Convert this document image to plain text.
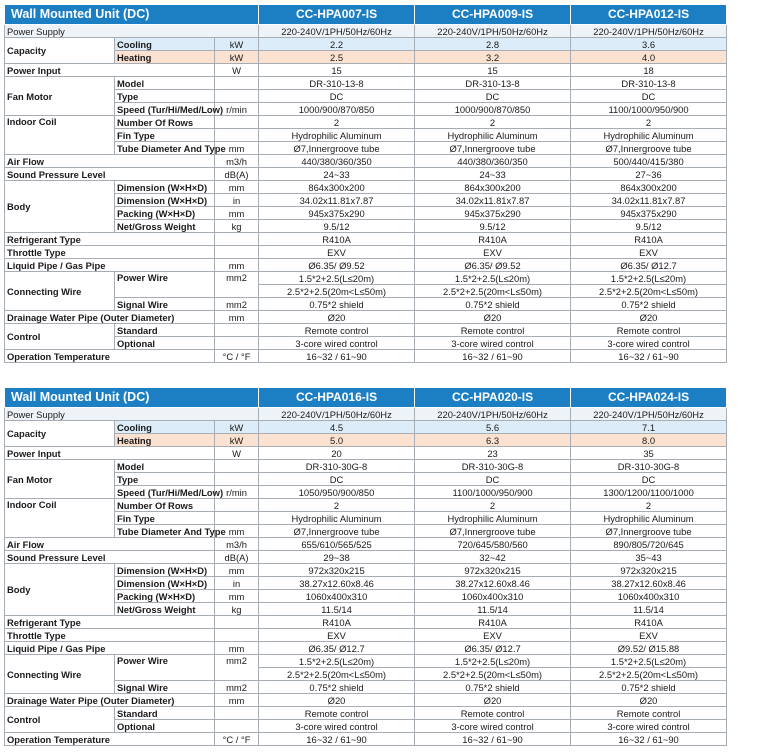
Wall Mounted Unit (DC)			CC-HPA007-IS	CC-HPA009-IS	CC-HPA012-IS
Power Supply			220-240V/1PH/50Hz/60Hz	220-240V/1PH/50Hz/60Hz	220-240V/1PH/50Hz/60Hz
Capacity	Cooling	kW	2.2	2.8	3.6
	Heating	kW	2.5	3.2	4.0
Power Input		W	15	15	18
Fan Motor	Model		DR-310-13-8	DR-310-13-8	DR-310-13-8
	Type		DC	DC	DC
	Speed (Tur/Hi/Med/Low)	r/min	1000/900/870/850	1000/900/870/850	1100/1000/950/900
Indoor Coil	Number Of Rows		2	2	2
	Fin Type		Hydrophilic Aluminum	Hydrophilic Aluminum	Hydrophilic Aluminum
	Tube Diameter And Type	mm	Ø7,Innergroove tube	Ø7,Innergroove tube	Ø7,Innergroove tube
Air Flow		m3/h	440/380/360/350	440/380/360/350	500/440/415/380
Sound Pressure Level		dB(A)	24~33	24~33	27~36
Body	Dimension (W×H×D)	mm	864x300x200	864x300x200	864x300x200
	Dimension (W×H×D)	in	34.02x11.81x7.87	34.02x11.81x7.87	34.02x11.81x7.87
	Packing (W×H×D)	mm	945x375x290	945x375x290	945x375x290
	Net/Gross Weight	kg	9.5/12	9.5/12	9.5/12
Refrigerant Type			R410A	R410A	R410A
Throttle Type			EXV	EXV	EXV
Liquid Pipe / Gas Pipe		mm	Ø6.35/ Ø9.52	Ø6.35/ Ø9.52	Ø6.35/ Ø12.7
Connecting Wire	Power Wire	mm2	1.5*2+2.5(L≤20m)	1.5*2+2.5(L≤20m)	1.5*2+2.5(L≤20m)
			2.5*2+2.5(20m<L≤50m)	2.5*2+2.5(20m<L≤50m)	2.5*2+2.5(20m<L≤50m)
	Signal Wire	mm2	0.75*2 shield	0.75*2 shield	0.75*2 shield
Drainage Water Pipe (Outer Diameter)		mm	Ø20	Ø20	Ø20
Control	Standard		Remote control	Remote control	Remote control
	Optional		3-core wired control	3-core wired control	3-core wired control
Operation Temperature		°C / °F	16~32 / 61~90	16~32 / 61~90	16~32 / 61~90
Wall Mounted Unit (DC)			CC-HPA016-IS	CC-HPA020-IS	CC-HPA024-IS
Power Supply			220-240V/1PH/50Hz/60Hz	220-240V/1PH/50Hz/60Hz	220-240V/1PH/50Hz/60Hz
Capacity	Cooling	kW	4.5	5.6	7.1
	Heating	kW	5.0	6.3	8.0
Power Input		W	20	23	35
Fan Motor	Model		DR-310-30G-8	DR-310-30G-8	DR-310-30G-8
	Type		DC	DC	DC
	Speed (Tur/Hi/Med/Low)	r/min	1050/950/900/850	1100/1000/950/900	1300/1200/1100/1000
Indoor Coil	Number Of Rows		2	2	2
	Fin Type		Hydrophilic Aluminum	Hydrophilic Aluminum	Hydrophilic Aluminum
	Tube Diameter And Type	mm	Ø7,Innergroove tube	Ø7,Innergroove tube	Ø7,Innergroove tube
Air Flow		m3/h	655/610/565/525	720/645/580/560	890/805/720/645
Sound Pressure Level		dB(A)	29~38	32~42	35~43
Body	Dimension (W×H×D)	mm	972x320x215	972x320x215	972x320x215
	Dimension (W×H×D)	in	38.27x12.60x8.46	38.27x12.60x8.46	38.27x12.60x8.46
	Packing (W×H×D)	mm	1060x400x310	1060x400x310	1060x400x310
	Net/Gross Weight	kg	11.5/14	11.5/14	11.5/14
Refrigerant Type			R410A	R410A	R410A
Throttle Type			EXV	EXV	EXV
Liquid Pipe / Gas Pipe		mm	Ø6.35/ Ø12.7	Ø6.35/ Ø12.7	Ø9.52/ Ø15.88
Connecting Wire	Power Wire	mm2	1.5*2+2.5(L≤20m)	1.5*2+2.5(L≤20m)	1.5*2+2.5(L≤20m)
			2.5*2+2.5(20m<L≤50m)	2.5*2+2.5(20m<L≤50m)	2.5*2+2.5(20m<L≤50m)
	Signal Wire	mm2	0.75*2 shield	0.75*2 shield	0.75*2 shield
Drainage Water Pipe (Outer Diameter)		mm	Ø20	Ø20	Ø20
Control	Standard		Remote control	Remote control	Remote control
	Optional		3-core wired control	3-core wired control	3-core wired control
Operation Temperature		°C / °F	16~32 / 61~90	16~32 / 61~90	16~32 / 61~90
